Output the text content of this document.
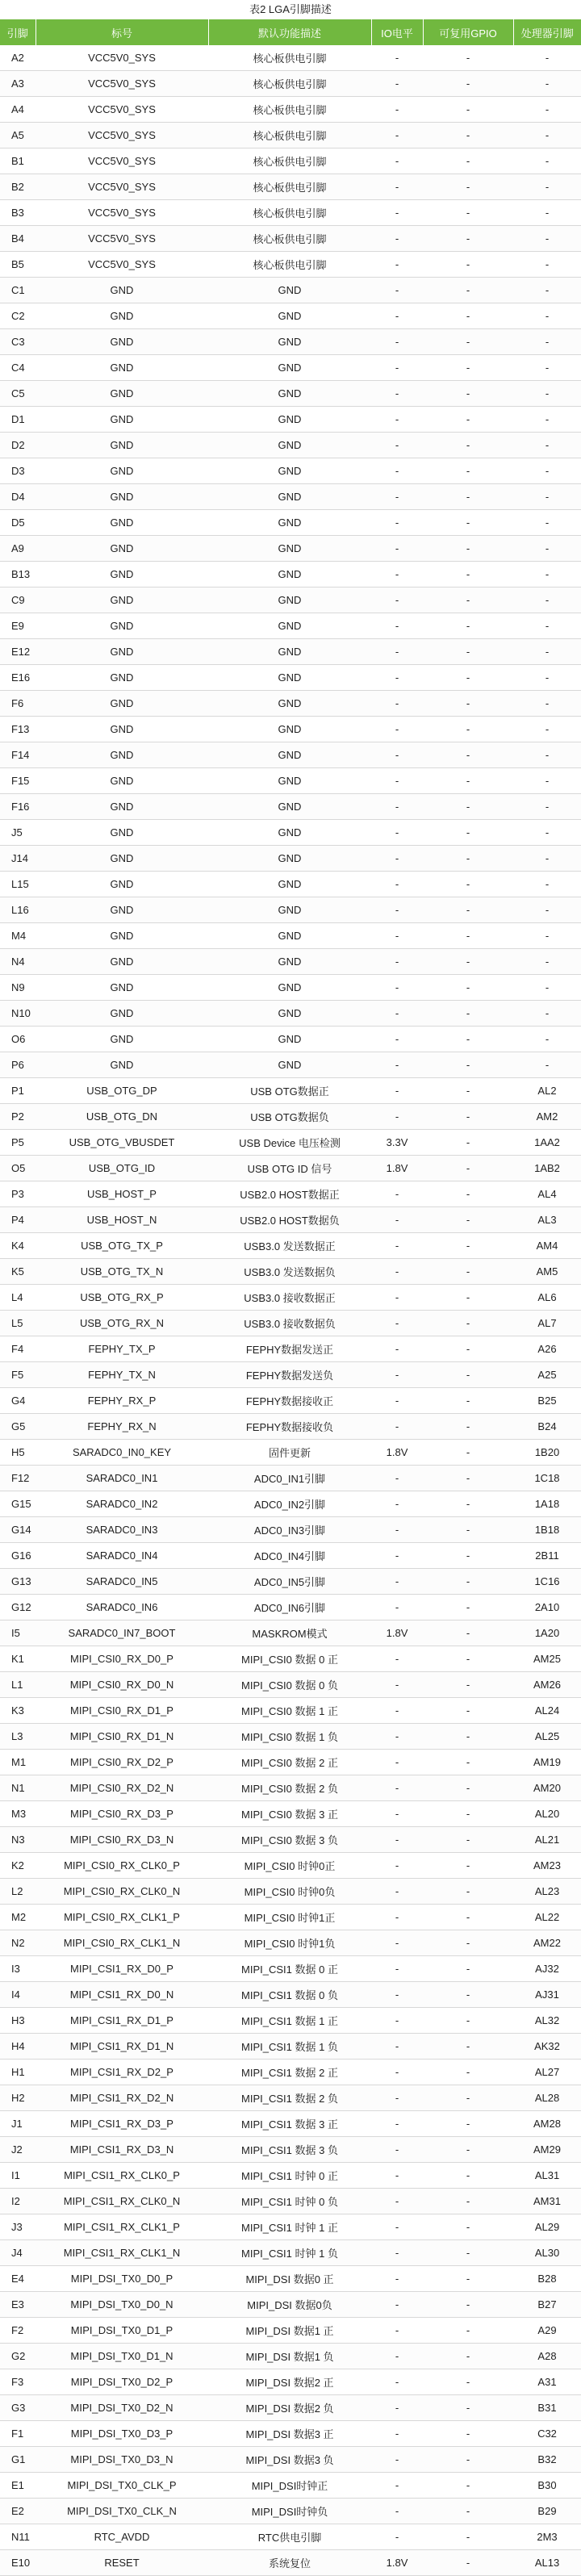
表2 LGA引脚描述
引脚	标号	默认功能描述	IO电平	可复用GPIO	处理器引脚
A2	VCC5V0_SYS	核心板供电引脚	-	-	-
A3	VCC5V0_SYS	核心板供电引脚	-	-	-
A4	VCC5V0_SYS	核心板供电引脚	-	-	-
A5	VCC5V0_SYS	核心板供电引脚	-	-	-
B1	VCC5V0_SYS	核心板供电引脚	-	-	-
B2	VCC5V0_SYS	核心板供电引脚	-	-	-
B3	VCC5V0_SYS	核心板供电引脚	-	-	-
B4	VCC5V0_SYS	核心板供电引脚	-	-	-
B5	VCC5V0_SYS	核心板供电引脚	-	-	-
C1	GND	GND	-	-	-
C2	GND	GND	-	-	-
C3	GND	GND	-	-	-
C4	GND	GND	-	-	-
C5	GND	GND	-	-	-
D1	GND	GND	-	-	-
D2	GND	GND	-	-	-
D3	GND	GND	-	-	-
D4	GND	GND	-	-	-
D5	GND	GND	-	-	-
A9	GND	GND	-	-	-
B13	GND	GND	-	-	-
C9	GND	GND	-	-	-
E9	GND	GND	-	-	-
E12	GND	GND	-	-	-
E16	GND	GND	-	-	-
F6	GND	GND	-	-	-
F13	GND	GND	-	-	-
F14	GND	GND	-	-	-
F15	GND	GND	-	-	-
F16	GND	GND	-	-	-
J5	GND	GND	-	-	-
J14	GND	GND	-	-	-
L15	GND	GND	-	-	-
L16	GND	GND	-	-	-
M4	GND	GND	-	-	-
N4	GND	GND	-	-	-
N9	GND	GND	-	-	-
N10	GND	GND	-	-	-
O6	GND	GND	-	-	-
P6	GND	GND	-	-	-
P1	USB_OTG_DP	USB OTG数据正	-	-	AL2
P2	USB_OTG_DN	USB OTG数据负	-	-	AM2
P5	USB_OTG_VBUSDET	USB Device 电压检测	3.3V	-	1AA2
O5	USB_OTG_ID	USB OTG ID 信号	1.8V	-	1AB2
P3	USB_HOST_P	USB2.0 HOST数据正	-	-	AL4
P4	USB_HOST_N	USB2.0 HOST数据负	-	-	AL3
K4	USB_OTG_TX_P	USB3.0 发送数据正	-	-	AM4
K5	USB_OTG_TX_N	USB3.0 发送数据负	-	-	AM5
L4	USB_OTG_RX_P	USB3.0 接收数据正	-	-	AL6
L5	USB_OTG_RX_N	USB3.0 接收数据负	-	-	AL7
F4	FEPHY_TX_P	FEPHY数据发送正	-	-	A26
F5	FEPHY_TX_N	FEPHY数据发送负	-	-	A25
G4	FEPHY_RX_P	FEPHY数据接收正	-	-	B25
G5	FEPHY_RX_N	FEPHY数据接收负	-	-	B24
H5	SARADC0_IN0_KEY	固件更新	1.8V	-	1B20
F12	SARADC0_IN1	ADC0_IN1引脚	-	-	1C18
G15	SARADC0_IN2	ADC0_IN2引脚	-	-	1A18
G14	SARADC0_IN3	ADC0_IN3引脚	-	-	1B18
G16	SARADC0_IN4	ADC0_IN4引脚	-	-	2B11
G13	SARADC0_IN5	ADC0_IN5引脚	-	-	1C16
G12	SARADC0_IN6	ADC0_IN6引脚	-	-	2A10
I5	SARADC0_IN7_BOOT	MASKROM模式	1.8V	-	1A20
K1	MIPI_CSI0_RX_D0_P	MIPI_CSI0 数据 0 正	-	-	AM25
L1	MIPI_CSI0_RX_D0_N	MIPI_CSI0 数据 0 负	-	-	AM26
K3	MIPI_CSI0_RX_D1_P	MIPI_CSI0 数据 1 正	-	-	AL24
L3	MIPI_CSI0_RX_D1_N	MIPI_CSI0 数据 1 负	-	-	AL25
M1	MIPI_CSI0_RX_D2_P	MIPI_CSI0 数据 2 正	-	-	AM19
N1	MIPI_CSI0_RX_D2_N	MIPI_CSI0 数据 2 负	-	-	AM20
M3	MIPI_CSI0_RX_D3_P	MIPI_CSI0 数据 3 正	-	-	AL20
N3	MIPI_CSI0_RX_D3_N	MIPI_CSI0 数据 3 负	-	-	AL21
K2	MIPI_CSI0_RX_CLK0_P	MIPI_CSI0 时钟0正	-	-	AM23
L2	MIPI_CSI0_RX_CLK0_N	MIPI_CSI0 时钟0负	-	-	AL23
M2	MIPI_CSI0_RX_CLK1_P	MIPI_CSI0 时钟1正	-	-	AL22
N2	MIPI_CSI0_RX_CLK1_N	MIPI_CSI0 时钟1负	-	-	AM22
I3	MIPI_CSI1_RX_D0_P	MIPI_CSI1 数据 0 正	-	-	AJ32
I4	MIPI_CSI1_RX_D0_N	MIPI_CSI1 数据 0 负	-	-	AJ31
H3	MIPI_CSI1_RX_D1_P	MIPI_CSI1 数据 1 正	-	-	AL32
H4	MIPI_CSI1_RX_D1_N	MIPI_CSI1 数据 1 负	-	-	AK32
H1	MIPI_CSI1_RX_D2_P	MIPI_CSI1 数据 2 正	-	-	AL27
H2	MIPI_CSI1_RX_D2_N	MIPI_CSI1 数据 2 负	-	-	AL28
J1	MIPI_CSI1_RX_D3_P	MIPI_CSI1 数据 3 正	-	-	AM28
J2	MIPI_CSI1_RX_D3_N	MIPI_CSI1 数据 3 负	-	-	AM29
I1	MIPI_CSI1_RX_CLK0_P	MIPI_CSI1 时钟 0 正	-	-	AL31
I2	MIPI_CSI1_RX_CLK0_N	MIPI_CSI1 时钟 0 负	-	-	AM31
J3	MIPI_CSI1_RX_CLK1_P	MIPI_CSI1 时钟 1 正	-	-	AL29
J4	MIPI_CSI1_RX_CLK1_N	MIPI_CSI1 时钟 1 负	-	-	AL30
E4	MIPI_DSI_TX0_D0_P	MIPI_DSI 数据0 正	-	-	B28
E3	MIPI_DSI_TX0_D0_N	MIPI_DSI 数据0负	-	-	B27
F2	MIPI_DSI_TX0_D1_P	MIPI_DSI 数据1 正	-	-	A29
G2	MIPI_DSI_TX0_D1_N	MIPI_DSI 数据1 负	-	-	A28
F3	MIPI_DSI_TX0_D2_P	MIPI_DSI 数据2 正	-	-	A31
G3	MIPI_DSI_TX0_D2_N	MIPI_DSI 数据2 负	-	-	B31
F1	MIPI_DSI_TX0_D3_P	MIPI_DSI 数据3 正	-	-	C32
G1	MIPI_DSI_TX0_D3_N	MIPI_DSI 数据3 负	-	-	B32
E1	MIPI_DSI_TX0_CLK_P	MIPI_DSI时钟正	-	-	B30
E2	MIPI_DSI_TX0_CLK_N	MIPI_DSI时钟负	-	-	B29
N11	RTC_AVDD	RTC供电引脚	-	-	2M3
E10	RESET	系统复位	1.8V	-	AL13
